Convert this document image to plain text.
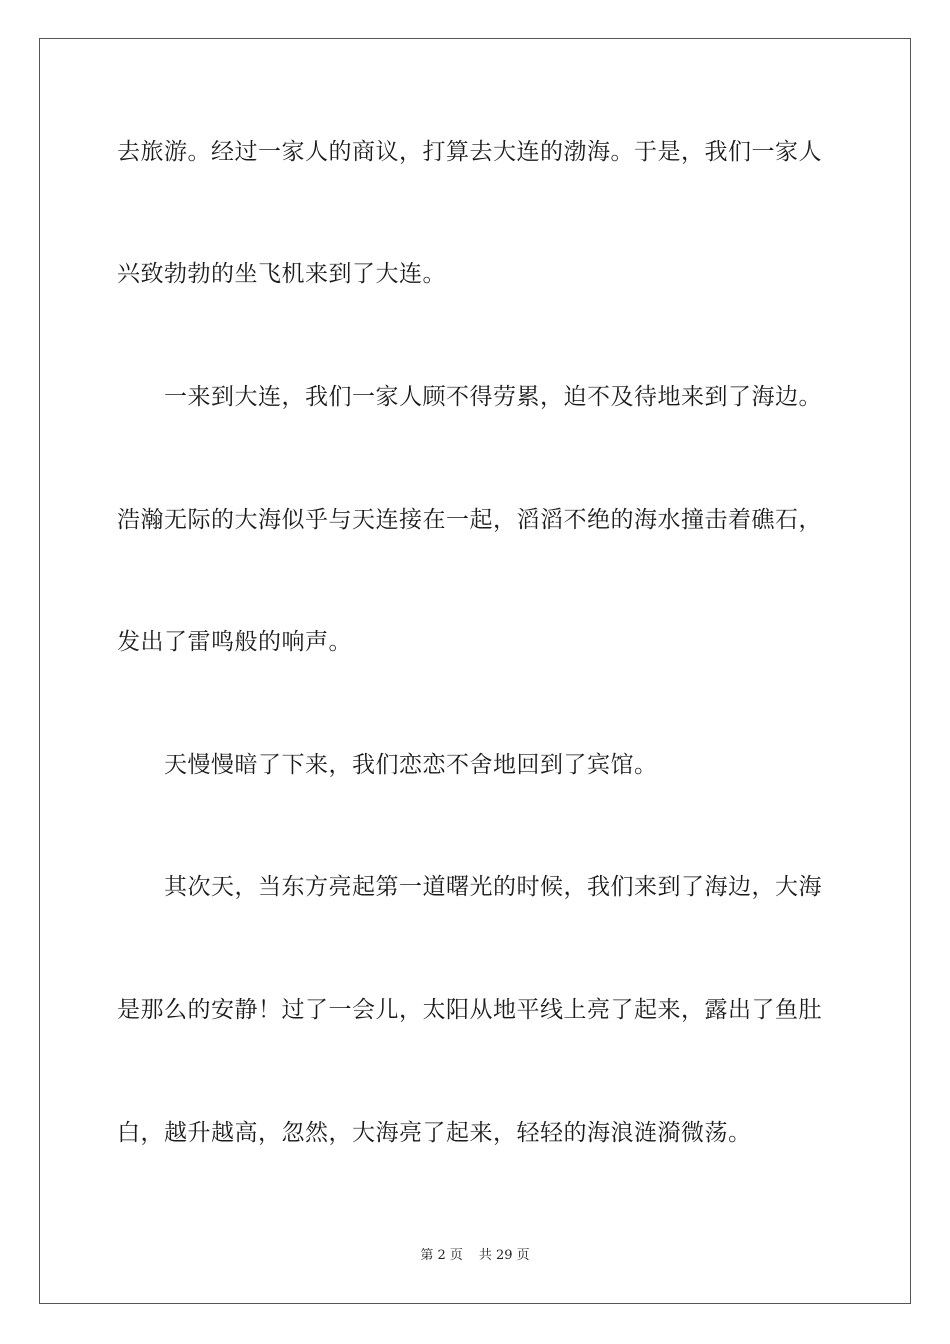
去旅游。经过一家人的商议，打算去大连的渤海。于是，我们一家人
兴致勃勃的坐飞机来到了大连。
一来到大连，我们一家人顾不得劳累，迫不及待地来到了海边。
浩瀚无际的大海似乎与天连接在一起，滔滔不绝的海水撞击着礁石，
发出了雷鸣般的响声。
天慢慢暗了下来，我们恋恋不舍地回到了宾馆。
其次天，当东方亮起第一道曙光的时候，我们来到了海边，大海
是那么的安静！过了一会儿，太阳从地平线上亮了起来，露出了鱼肚
白，越升越高，忽然，大海亮了起来，轻轻的海浪涟漪微荡。
第 2 页 共 29 页
